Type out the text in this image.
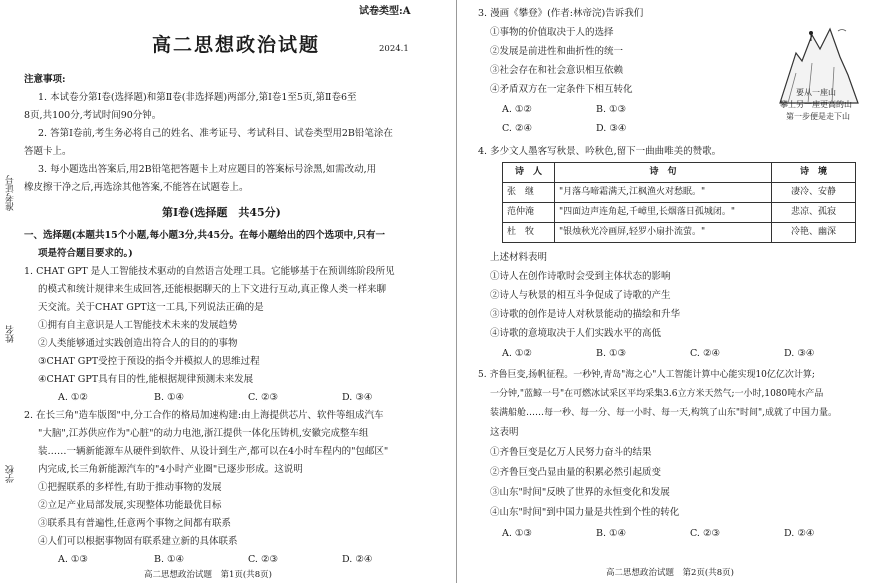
准考证号
姓名
学校
试卷类型:A
高二思想政治试题	2024.1
注意事项:
1. 本试卷分第Ⅰ卷(选择题)和第Ⅱ卷(非选择题)两部分,第Ⅰ卷1至5页,第Ⅱ卷6至
8页,共100分,考试时间90分钟。
2. 答第Ⅰ卷前,考生务必将自己的姓名、准考证号、考试科目、试卷类型用2B铅笔涂在
答题卡上。
3. 每小题选出答案后,用2B铅笔把答题卡上对应题目的答案标号涂黑,如需改动,用
橡皮擦干净之后,再选涂其他答案,不能答在试题卷上。
第Ⅰ卷(选择题　共45分)
一、选择题(本题共15个小题,每小题3分,共45分。在每小题给出的四个选项中,只有一
项是符合题目要求的。)
1. CHAT GPT 是人工智能技术驱动的自然语言处理工具。它能够基于在预训练阶段所见
的模式和统计规律来生成回答,还能根据聊天的上下文进行互动,真正像人类一样来聊
天交流。关于CHAT GPT这一工具,下列说法正确的是
①拥有自主意识是人工智能技术未来的发展趋势
②人类能够通过实践创造出符合人的目的的事物
③CHAT GPT受控于预设的指令并模拟人的思维过程
④CHAT GPT具有目的性,能根据规律预测未来发展
A. ①②	B. ①④	C. ②③	D. ③④
2. 在长三角"造车版图"中,分工合作的格局加速构建:由上海提供芯片、软件等组成汽车
"大脑",江苏供应作为"心脏"的动力电池,浙江提供一体化压铸机,安徽完成整车组
装……一辆新能源车从硬件到软件、从设计到生产,都可以在4小时车程内的"包邮区"
内完成,长三角新能源汽车的"4小时产业圈"已逐步形成。这说明
①把握联系的多样性,有助于推动事物的发展
②立足产业局部发展,实现整体功能最优目标
③联系具有普遍性,任意两个事物之间都有联系
④人们可以根据事物固有联系建立新的具体联系
A. ①③	B. ①④	C. ②③	D. ②④
高二思想政治试题　第1页(共8页)
3. 漫画《攀登》(作者:林帝浣)告诉我们
①事物的价值取决于人的选择
②发展是前进性和曲折性的统一
③社会存在和社会意识相互依赖
④矛盾双方在一定条件下相互转化
A. ①②	B. ①③
C. ②④	D. ③④
要从一座山
攀上另一座更高的山
第一步便是走下山
4. 多少文人墨客写秋景、吟秋色,留下一曲曲唯美的赞歌。
诗　人	诗　句	诗　境
张　继	"月落乌啼霜满天,江枫渔火对愁眠。"	凄冷、安静
范仲淹	"四面边声连角起,千嶂里,长烟落日孤城闭。"	悲凉、孤寂
杜　牧	"银烛秋光冷画屏,轻罗小扇扑流萤。"	冷艳、幽深
上述材料表明
①诗人在创作诗歌时会受到主体状态的影响
②诗人与秋景的相互斗争促成了诗歌的产生
③诗歌的创作是诗人对秋景能动的描绘和升华
④诗歌的意境取决于人们实践水平的高低
A. ①②	B. ①③	C. ②④	D. ③④
5. 齐鲁巨变,扬帆征程。一秒钟,青岛"海之心"人工智能计算中心能实现10亿亿次计算;
一分钟,"蓝鲸一号"在可燃冰试采区平均采集3.6立方米天然气;一小时,1080吨水产品
装满船舱……每一秒、每一分、每一小时、每一天,构筑了山东"时间",成就了中国力量。
这表明
①齐鲁巨变是亿万人民努力奋斗的结果
②齐鲁巨变凸显由量的积累必然引起质变
③山东"时间"反映了世界的永恒变化和发展
④山东"时间"到中国力量是共性到个性的转化
A. ①③	B. ①④	C. ②③	D. ②④
高二思想政治试题　第2页(共8页)
